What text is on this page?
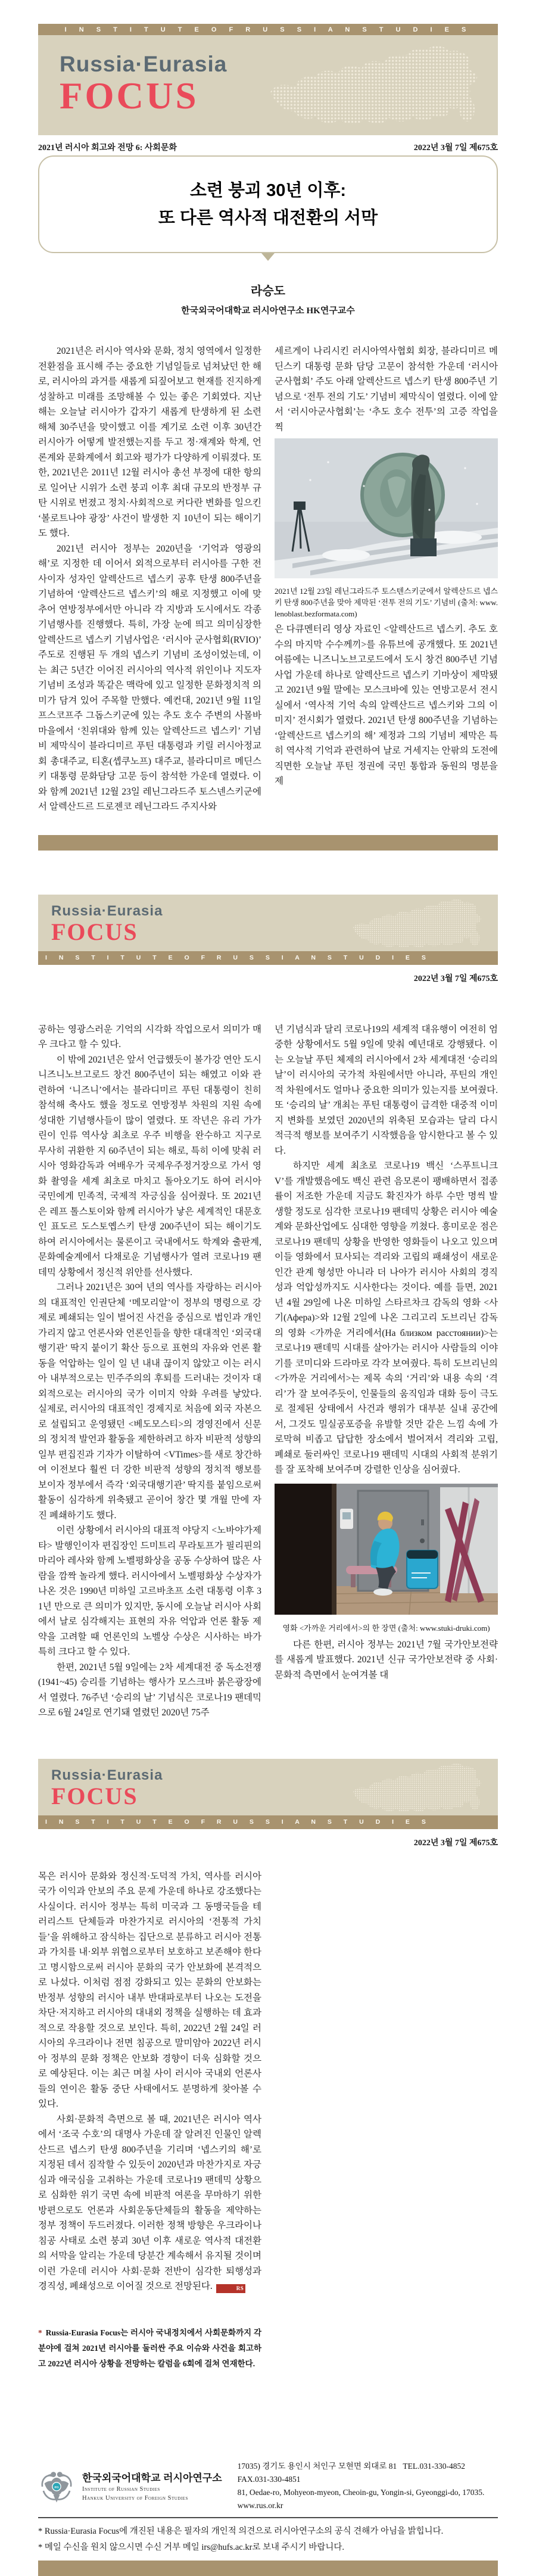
I N S T I T U T E O F R U S S I A N S T U D I E S
Russia·Eurasia
FOCUS
2021년 러시아 회고와 전망 6: 사회문화	2022년 3월 7일 제675호
소련 붕괴 30년 이후:
또 다른 역사적 대전환의 서막
라승도
한국외국어대학교 러시아연구소 HK연구교수

2021년은 러시아 역사와 문화, 정치 영역에서 일정한 전환점을 표시해 주는 중요한 기념일들로 넘쳐났던 한 해로, 러시아의 과거를 새롭게 되짚어보고 현재를 진지하게 성찰하고 미래를 조망해볼 수 있는 좋은 기회였다. 지난 해는 오늘날 러시아가 갑자기 새롭게 탄생하게 된 소련 해체 30주년을 맞이했고 이를 계기로 소련 이후 30년간 러시아가 어떻게 발전했는지를 두고 정·재계와 학계, 언론계와 문화계에서 회고와 평가가 다양하게 이뤄졌다. 또한, 2021년은 2011년 12월 러시아 총선 부정에 대한 항의로 일어난 시위가 소련 붕괴 이후 최대 규모의 반정부 규탄 시위로 번졌고 정치·사회적으로 커다란 변화를 일으킨 ‘볼로트나야 광장’ 사건이 발생한 지 10년이 되는 해이기도 했다.

2021년 러시아 정부는 2020년을 ‘기억과 영광의 해’로 지정한 데 이어서 외적으로부터 러시아를 구한 전사이자 성자인 알렉산드르 넵스키 공후 탄생 800주년을 기념하여 ‘알렉산드르 넵스키’의 해로 지정했고 이에 맞추어 연방정부에서만 아니라 각 지방과 도시에서도 각종 기념행사를 진행했다. 특히, 가장 눈에 띄고 의미심장한 알렉산드르 넵스키 기념사업은 ‘러시아 군사협회(RVIO)’ 주도로 진행된 두 개의 넵스키 기념비 조성이었는데, 이는 최근 5년간 이어진 러시아의 역사적 위인이나 지도자 기념비 조성과 똑같은 맥락에 있고 일정한 문화정치적 의미가 담겨 있어 주목할 만했다. 예컨대, 2021년 9월 11일 프스코프주 그돕스키군에 있는 추도 호수 주변의 사몰바 마을에서 ‘친위대와 함께 있는 알렉산드르 넵스키’ 기념비 제막식이 블라디미르 푸틴 대통령과 키릴 러시아정교회 총대주교, 티혼(솁쿠노프) 대주교, 블라디미르 메딘스키 대통령 문화담당 고문 등이 참석한 가운데 열렸다. 이와 함께 2021년 12월 23일 레닌그라드주 토스넨스키군에서 알렉산드르 드로젠코 레닌그라드 주지사와

세르게이 나리시킨 러시아역사협회 회장, 블라디미르 메딘스키 대통령 문화 담당 고문이 참석한 가운데 ‘러시아군사협회’ 주도 아래 알렉산드르 넵스키 탄생 800주년 기념으로 ‘전투 전의 기도’ 기념비 제막식이 열렸다. 이에 앞서 ‘러시아군사협회’는 ‘추도 호수 전투’의 고증 작업을 찍

2021년 12월 23일 레닌그라드주 토스텐스키군에서 알렉산드르 넵스키 탄생 800주년을 맞아 제막된 ‘전투 전의 기도’ 기념비 (출처: www.lenoblast.bezformata.com)

은 다큐멘터리 영상 자료인 <알렉산드르 넵스키. 추도 호수의 마지막 수수께끼>를 유튜브에 공개했다. 또 2021년 여름에는 니즈니노브고로드에서 도시 창건 800주년 기념사업 가운데 하나로 알렉산드르 넵스키 기마상이 제막됐고 2021년 9월 말에는 모스크바에 있는 연방고문서 전시실에서 ‘역사적 기억 속의 알렉산드르 넵스키와 그의 이미지’ 전시회가 열렸다. 2021년 탄생 800주년을 기념하는 ‘알렉산드르 넵스키의 해’ 제정과 그의 기념비 제막은 특히 역사적 기억과 관련하여 날로 거세지는 안팎의 도전에 직면한 오늘날 푸틴 정권에 국민 통합과 동원의 명분을 제

Russia·Eurasia
FOCUS
I N S T I T U T E O F R U S S I A N S T U D I E S
2022년 3월 7일 제675호

공하는 영광스러운 기억의 시각화 작업으로서 의미가 매우 크다고 할 수 있다.

이 밖에 2021년은 앞서 언급했듯이 볼가강 연안 도시 니즈니노브고로드 창건 800주년이 되는 해였고 이와 관련하여 ‘니즈니’에서는 블라디미르 푸틴 대통령이 친히 참석해 축사도 했을 정도로 연방정부 차원의 지원 속에 성대한 기념행사들이 많이 열렸다. 또 작년은 유리 가가린이 인류 역사상 최초로 우주 비행을 완수하고 지구로 무사히 귀환한 지 60주년이 되는 해로, 특히 이에 맞춰 러시아 영화감독과 여배우가 국제우주정거장으로 가서 영화 촬영을 세계 최초로 마치고 돌아오기도 하여 러시아 국민에게 민족적, 국제적 자긍심을 심어줬다. 또 2021년은 레프 톨스토이와 함께 러시아가 낳은 세계적인 대문호인 표도르 도스토옙스키 탄생 200주년이 되는 해이기도 하여 러시아에서는 물론이고 국내에서도 학계와 출판계, 문화예술계에서 다채로운 기념행사가 열려 코로나19 팬데믹 상황에서 정신적 위안를 선사했다.

그러나 2021년은 30여 년의 역사를 자랑하는 러시아의 대표적인 인권단체 ‘메모리알’이 정부의 명령으로 강제로 폐쇄되는 일이 벌어진 사건을 중심으로 법인과 개인 가리지 않고 언론사와 언론인들을 향한 대대적인 ‘외국대행기관’ 딱지 붙이기 확산 등으로 표현의 자유와 언론 활동을 억압하는 일이 일 년 내내 끊이지 않았고 이는 러시아 내부적으로는 민주주의의 후퇴를 드러내는 것이자 대외적으로는 러시아의 국가 이미지 악화 우려를 낳았다. 실제로, 러시아의 대표적인 경제지로 처음에 외국 자본으로 설립되고 운영됐던 <베도모스티>의 경영진에서 신문의 정치적 발언과 활동을 제한하려고 하자 비판적 성향의 일부 편집진과 기자가 이탈하여 <VTimes>를 새로 창간하여 이전보다 훨씬 더 강한 비판적 성향의 정치적 행보를 보이자 정부에서 즉각 ‘외국대행기관’ 딱지를 붙임으로써 활동이 심각하게 위축됐고 곧이어 창간 몇 개월 만에 자진 폐쇄하기도 했다.

이런 상황에서 러시아의 대표적 야당지 <노바야가제타> 발행인이자 편집장인 드미트리 무라토프가 필리핀의 마리아 레사와 함께 노벨평화상을 공동 수상하여 많은 사람을 깜짝 놀라게 했다. 러시아에서 노벨평화상 수상자가 나온 것은 1990년 미하일 고르바초프 소련 대통령 이후 31년 만으로 큰 의미가 있지만, 동시에 오늘날 러시아 사회에서 날로 심각해지는 표현의 자유 억압과 언론 활동 제약을 고려할 때 언론인의 노벨상 수상은 시사하는 바가 특히 크다고 할 수 있다.

한편, 2021년 5월 9일에는 2차 세계대전 중 독소전쟁(1941~45) 승리를 기념하는 행사가 모스크바 붉은광장에서 열렸다. 76주년 ‘승리의 날’ 기념식은 코로나19 팬데믹으로 6월 24일로 연기돼 열렸던 2020년 75주

년 기념식과 달리 코로나19의 세계적 대유행이 여전히 엄중한 상황에서도 5월 9일에 맞춰 예년대로 강행됐다. 이는 오늘날 푸틴 체제의 러시아에서 2차 세계대전 ‘승리의 날’이 러시아의 국가적 차원에서만 아니라, 푸틴의 개인적 차원에서도 얼마나 중요한 의미가 있는지를 보여줬다. 또 ‘승리의 날’ 개최는 푸틴 대통령이 급격한 대중적 이미지 변화를 보였던 2020년의 위축된 모습과는 달리 다시 적극적 행보를 보여주기 시작했음을 암시한다고 볼 수 있다.

하지만 세계 최초로 코로나19 백신 ‘스푸트니크 V’를 개발했음에도 백신 관련 음모론이 팽배하면서 접종률이 저조한 가운데 지금도 확진자가 하루 수만 명씩 발생할 정도로 심각한 코로나19 팬데믹 상황은 러시아 예술계와 문화산업에도 심대한 영향을 끼쳤다. 흥미로운 점은 코로나19 팬데믹 상황을 반영한 영화들이 나오고 있으며 이들 영화에서 묘사되는 격리와 고립의 패쇄성이 새로운 인간 관계 형성만 아니라 더 나아가 러시아 사회의 경직성과 억압성까지도 시사한다는 것이다. 예를 들면, 2021년 4월 29일에 나온 미하일 스타르차크 감독의 영화 <사기(Афера)>와 12월 2일에 나온 그리고리 도브리닌 감독의 영화 <가까운 거리에서(На близком расстоянии)>는 코로나19 팬데믹 시대를 살아가는 러시아 사람들의 이야기를 코미디와 드라마로 각각 보여줬다. 특히 도브리닌의 <가까운 거리에서>는 제목 속의 ‘거리’와 내용 속의 ‘격리’가 잘 보여주듯이, 인물들의 움직임과 대화 등이 극도로 절제된 상태에서 사건과 행위가 대부분 실내 공간에서, 그것도 밀실공포증을 유발할 것만 같은 느낌 속에 가로막혀 비좁고 답답한 장소에서 벌어져서 격리와 고립, 폐쇄로 둘러싸인 코로나19 팬데믹 시대의 사회적 분위기를 잘 포착해 보여주며 강렬한 인상을 심어줬다.

영화 <가까운 거리에서>의 한 장면 (출처: www.stuki-druki.com)

다른 한편, 러시아 정부는 2021년 7월 국가안보전략를 새롭게 발표했다. 2021년 신규 국가안보전략 중 사회·문화적 측면에서 눈여겨볼 대

Russia·Eurasia
FOCUS
I N S T I T U T E O F R U S S I A N S T U D I E S
2022년 3월 7일 제675호

목은 러시아 문화와 정신적·도덕적 가치, 역사를 러시아 국가 이익과 안보의 주요 문제 가운데 하나로 강조했다는 사실이다. 러시아 정부는 특히 미국과 그 동맹국들을 테러리스트 단체들과 마찬가지로 러시아의 ‘전통적 가치들’을 위해하고 잠식하는 집단으로 분류하고 러시아 전통과 가치를 내·외부 위협으로부터 보호하고 보존해야 한다고 명시함으로써 러시아 문화의 국가 안보화에 본격적으로 나섰다. 이처럼 점점 강화되고 있는 문화의 안보화는 반정부 성향의 러시아 내부 반대파로부터 나오는 도전을 차단·저지하고 러시아의 대내외 정책을 실행하는 데 효과적으로 작용할 것으로 보인다. 특히, 2022년 2월 24일 러시아의 우크라이나 전면 침공으로 말미암아 2022년 러시아 정부의 문화 정책은 안보화 경향이 더욱 심화할 것으로 예상된다. 이는 최근 며칠 사이 러시아 국내외 언론사들의 연이은 활동 중단 사태에서도 분명하게 찾아볼 수 있다.

사회·문화적 측면으로 볼 때, 2021년은 러시아 역사에서 ‘조국 수호’의 대명사 가운데 잘 알려진 인물인 알렉산드르 넵스키 탄생 800주년을 기리며 ‘넵스키의 해’로 지정된 데서 짐작할 수 있듯이 2020년과 마찬가지로 자긍심과 애국심을 고취하는 가운데 코로나19 팬데믹 상황으로 심화한 위기 국면 속에 비판적 여론을 무마하기 위한 방편으로도 언론과 사회운동단체들의 활동을 제약하는 정부 정책이 두드러졌다. 이러한 정책 방향은 우크라이나 침공 사태로 소련 붕괴 30년 이후 새로운 역사적 대전환의 서막을 알리는 가운데 당분간 계속해서 유지될 것이며 이런 가운데 러시아 사회·문화 전반이 심각한 퇴행성과 경직성, 폐쇄성으로 이어질 것으로 전망된다.	RS

* Russia-Eurasia Focus는 러시아 국내정치에서 사회문화까지 각 분야에 걸쳐 2021년 러시아를 둘러싼 주요 이슈와 사건을 회고하고 2022년 러시아 상황을 전망하는 칼럼을 6회에 걸쳐 연재한다.
IRS
한국외국어대학교 러시아연구소
Institute of Russian Studies
Hankuk University of Foreign Studies
17035) 경기도 용인시 처인구 모현면 외대로 81   TEL.031-330-4852   FAX.031-330-4851
81, Oedae-ro, Mohyeon-myeon, Cheoin-gu, Yongin-si, Gyeonggi-do, 17035.  www.rus.or.kr
* Russia·Eurasia Focus에 개진된 내용은 필자의 개인적 의견으로 러시아연구소의 공식 견해가 아님을 밝힙니다.
* 메일 수신을 원치 않으시면 수신 거부 메일 irs@hufs.ac.kr로 보내 주시기 바랍니다.
